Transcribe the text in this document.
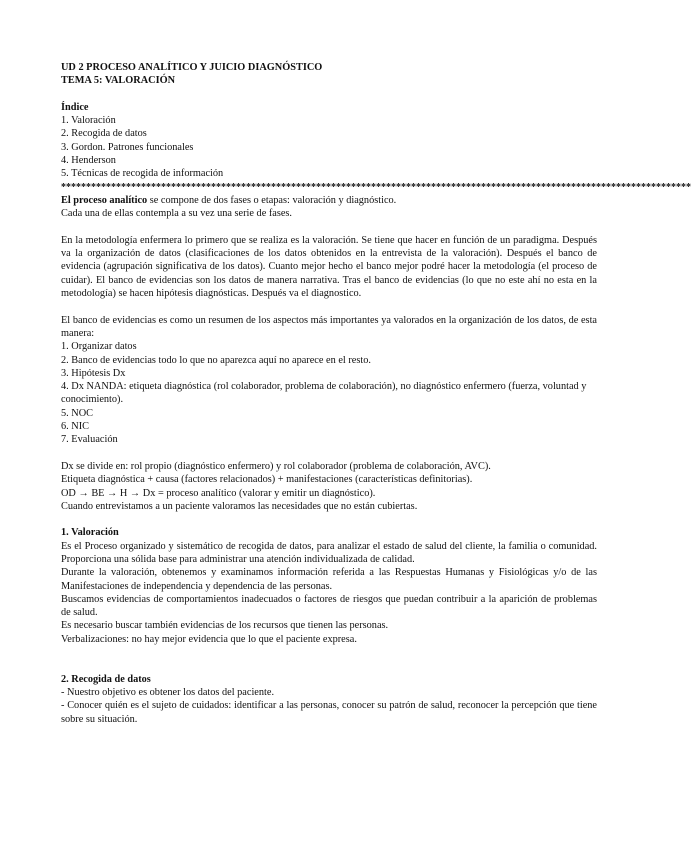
UD 2 PROCESO ANALÍTICO Y JUICIO DIAGNÓSTICO

TEMA 5: VALORACIÓN

Índice

1. Valoración
2. Recogida de datos
3. Gordon. Patrones funcionales
4. Henderson
5. Técnicas de recogida de información

******************************************************************************************************************************

El proceso analítico se compone de dos fases o etapas: valoración y diagnóstico.

Cada una de ellas contempla a su vez una serie de fases.

En la metodología enfermera lo primero que se realiza es la valoración. Se tiene que hacer en función de un paradigma. Después va la organización de datos (clasificaciones de los datos obtenidos en la entrevista de la valoración). Después el banco de evidencia (agrupación significativa de los datos). Cuanto mejor hecho el banco mejor podré hacer la metodología (el proceso de cuidar). El banco de evidencias son los datos de manera narrativa. Tras el banco de evidencias (lo que no este ahí no esta en la metodología) se hacen hipótesis diagnósticas. Después va el diagnostico.

El banco de evidencias es como un resumen de los aspectos más importantes ya valorados en la organización de los datos, de esta manera:

1. Organizar datos
2. Banco de evidencias todo lo que no aparezca aquí no aparece en el resto.
3. Hipótesis Dx
4. Dx NANDA: etiqueta diagnóstica (rol colaborador, problema de colaboración), no diagnóstico enfermero (fuerza, voluntad y conocimiento).
5. NOC
6. NIC
7. Evaluación

Dx se divide en: rol propio (diagnóstico enfermero) y rol colaborador (problema de colaboración, AVC).

Etiqueta diagnóstica + causa (factores relacionados) + manifestaciones (características definitorias).

OD → BE → H → Dx = proceso analítico (valorar y emitir un diagnóstico).

Cuando entrevistamos a un paciente valoramos las necesidades que no están cubiertas.

1. Valoración

Es el Proceso organizado y sistemático de recogida de datos, para analizar el estado de salud del cliente, la familia o comunidad. Proporciona una sólida base para administrar una atención individualizada de calidad.

Durante la valoración, obtenemos y examinamos información referida a las Respuestas Humanas y Fisiológicas y/o de las Manifestaciones de independencia y dependencia de las personas.

Buscamos evidencias de comportamientos inadecuados o factores de riesgos que puedan contribuir a la aparición de problemas de salud.

Es necesario buscar también evidencias de los recursos que tienen las personas.

Verbalizaciones: no hay mejor evidencia que lo que el paciente expresa.

2. Recogida de datos

- Nuestro objetivo es obtener los datos del paciente.
- Conocer quién es el sujeto de cuidados: identificar a las personas, conocer su patrón de salud, reconocer la percepción que tiene sobre su situación.
